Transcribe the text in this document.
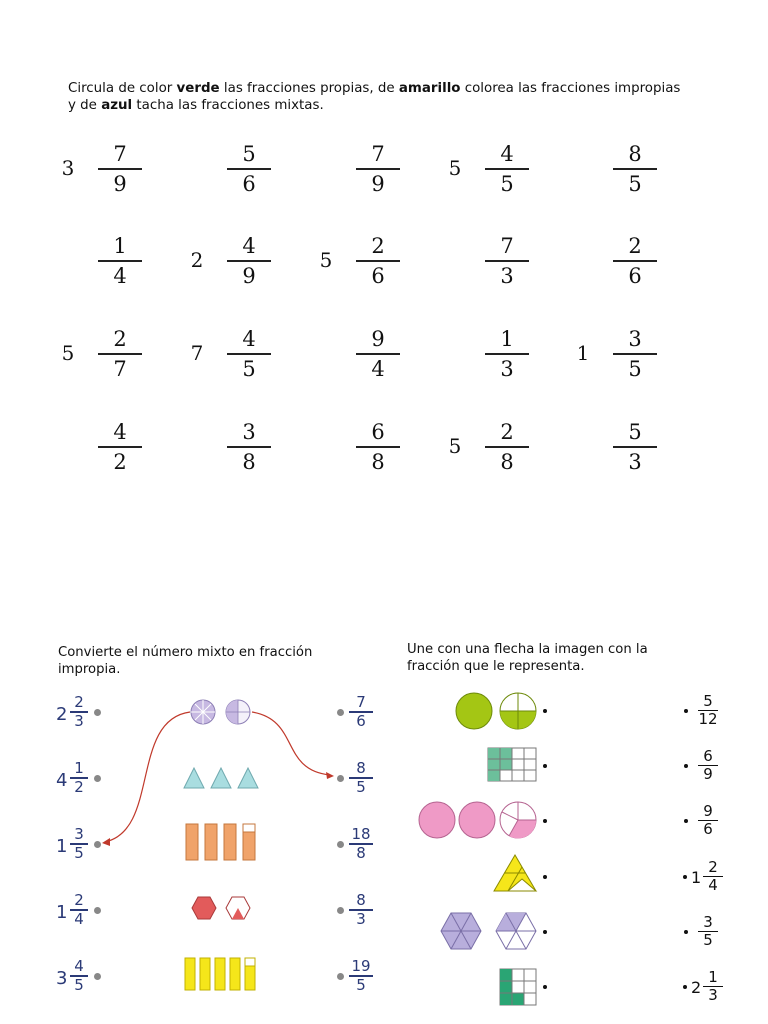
Circula de color verde las fracciones propias, de amarillo colorea las fracciones impropias
y de azul tacha las fracciones mixtas.
3
7
9
5
6
7
9
5
4
5
8
5
1
4
2
4
9
5
2
6
7
3
2
6
5
2
7
7
4
5
9
4
1
3
1
3
5
4
2
3
8
6
8
5
2
8
5
3
Convierte el número mixto en fracción
impropia.
2
2
3
4
1
2
1
3
5
1
2
4
3
4
5
7
6
8
5
18
8
8
3
19
5
Une con una flecha la imagen con la
fracción que le representa.
5
12
6
9
9
6
1
2
4
3
5
2
1
3
